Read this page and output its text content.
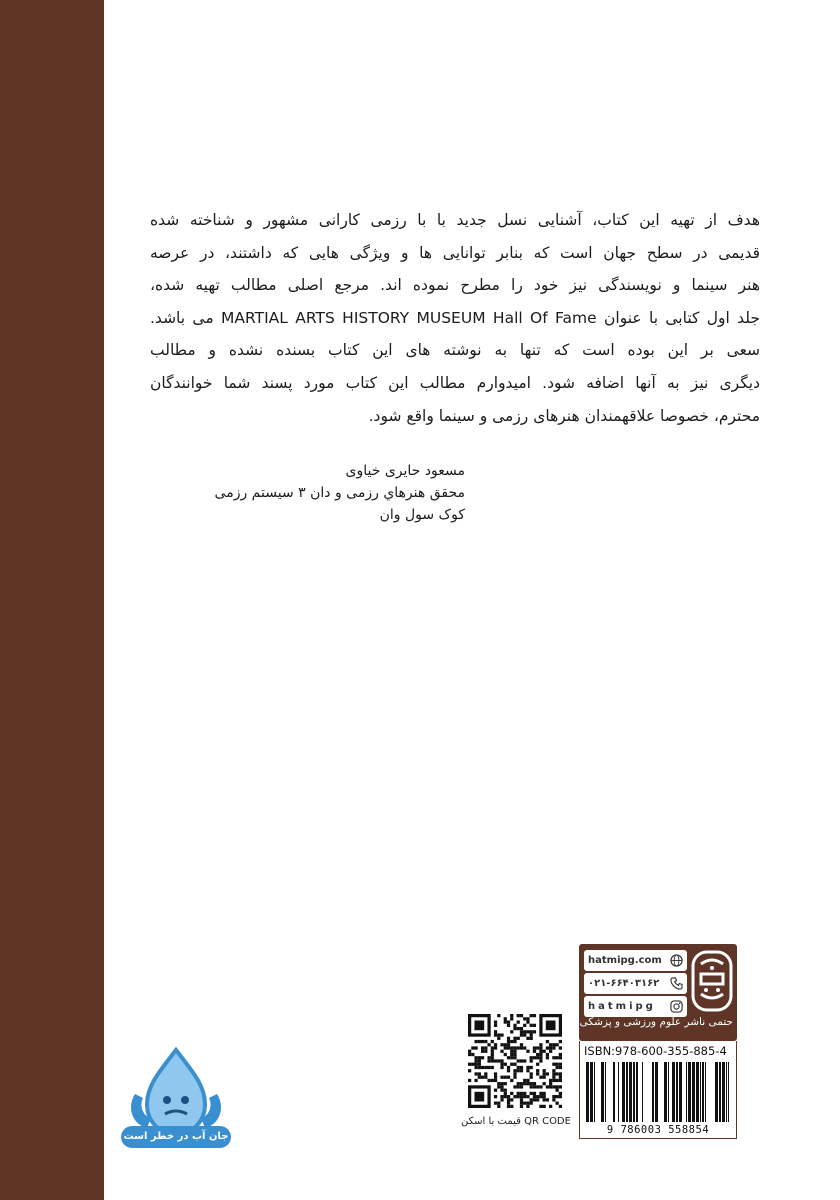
هدف از تهیه این کتاب، آشنایی نسل جدید با با رزمی کارانی مشهور و شناخته شده
قدیمی در سطح جهان است که بنابر توانایی ها و ویژگی هایی که داشتند، در عرصه
هنر سینما و نویسندگی نیز خود را مطرح نموده اند. مرجع اصلی مطالب تهیه شده،
جلد اول کتابی با عنوان MARTIAL ARTS HISTORY MUSEUM Hall Of Fame می باشد.
سعی بر این بوده است که تنها به نوشته های این کتاب بسنده نشده و مطالب
دیگری نیز به آنها اضافه شود. امیدوارم مطالب این کتاب مورد پسند شما خوانندگان
محترم، خصوصا علاقهمندان هنرهای رزمی و سینما واقع شود.
مسعود حایری خیاوی
محقق هنرهاي رزمی و دان ۳ سیستم رزمی
کوک سول وان
جان آب در خطر است
قیمت با اسکن QR CODE
hatmipg.com
۰۲۱-۶۶۴۰۳۱۶۲
hatmipg
حتمی ناشر علوم ورزشی و پزشکی
ISBN:978-600-355-885-4
9 786003 558854
